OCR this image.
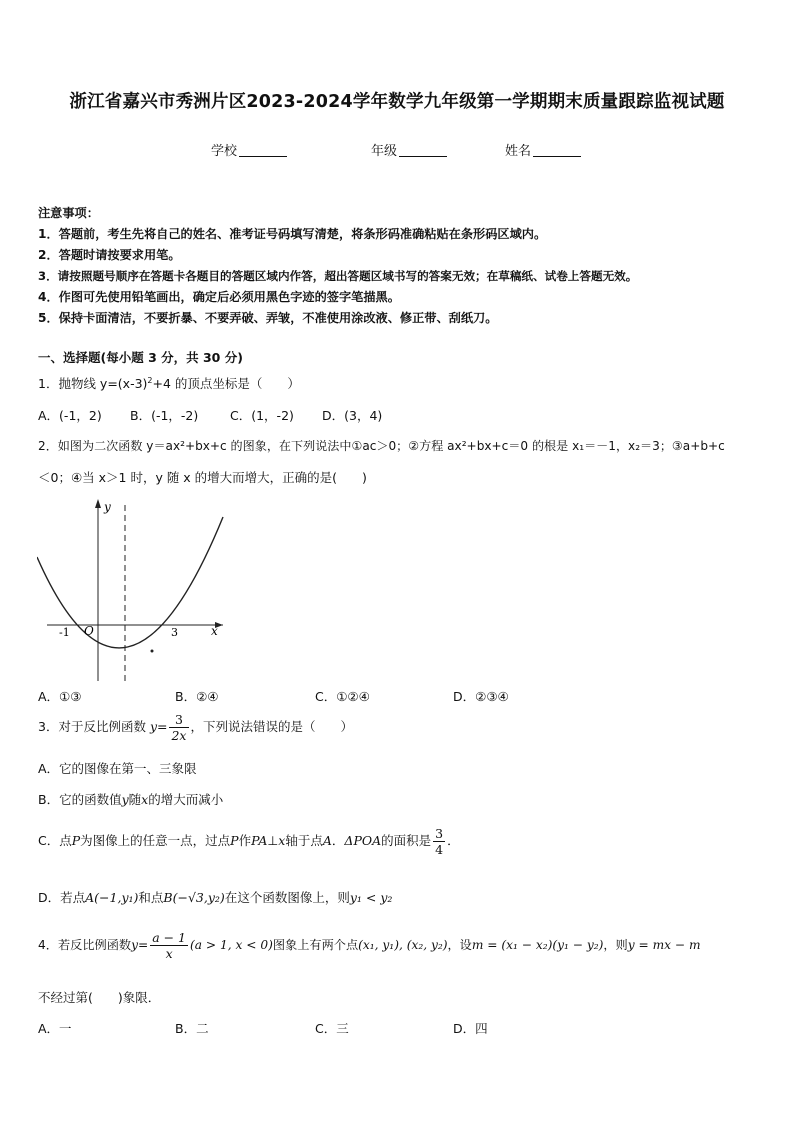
浙江省嘉兴市秀洲片区2023-2024学年数学九年级第一学期期末质量跟踪监视试题
学校	年级	姓名
注意事项：
1．答题前，考生先将自己的姓名、准考证号码填写清楚，将条形码准确粘贴在条形码区域内。
2．答题时请按要求用笔。
3．请按照题号顺序在答题卡各题目的答题区域内作答，超出答题区域书写的答案无效；在草稿纸、试卷上答题无效。
4．作图可先使用铅笔画出，确定后必须用黑色字迹的签字笔描黑。
5．保持卡面清洁，不要折暴、不要弄破、弄皱，不准使用涂改液、修正带、刮纸刀。
一、选择题(每小题 3 分，共 30 分)
1．抛物线 $y=(x-3)^2+4$ 的顶点坐标是（　　）
A．(-1，2) B．(-1，-2)	C．(1，-2) D．(3，4)
2．如图为二次函数 y＝ax²+bx+c 的图象，在下列说法中①ac＞0；②方程 ax²+bx+c＝0 的根是 x₁＝－1，x₂＝3；③a+b+c
＜0；④当 x＞1 时，y 随 x 的增大而增大，正确的是(　　)
y
x
O
-1	3
A．①③	B．②④	C．①②④	D．②③④
3．对于反比例函数 $y= \frac{3}{2x}$ ，下列说法错误的是（　　）
A．它的图像在第一、三象限
B．它的函数值y随x的增大而减小
C．点P为图像上的任意一点，过点P作PA⊥x轴于点A．ΔPOA的面积是 $\frac{3}{4}$ ．
D．若点A(−1,y₁)和点B(−√3,y₂)在这个函数图像上，则y₁ < y₂
4．若反比例函数$y= \frac{a - 1}{x} (a > 1$, x < 0)图象上有两个点(x₁, y₁), (x₂, y₂)，设m = (x₁ − x₂)(y₁ − y₂)，则y = mx − m
不经过第(　　)象限．
A．一	B．二	C．三	D．四
